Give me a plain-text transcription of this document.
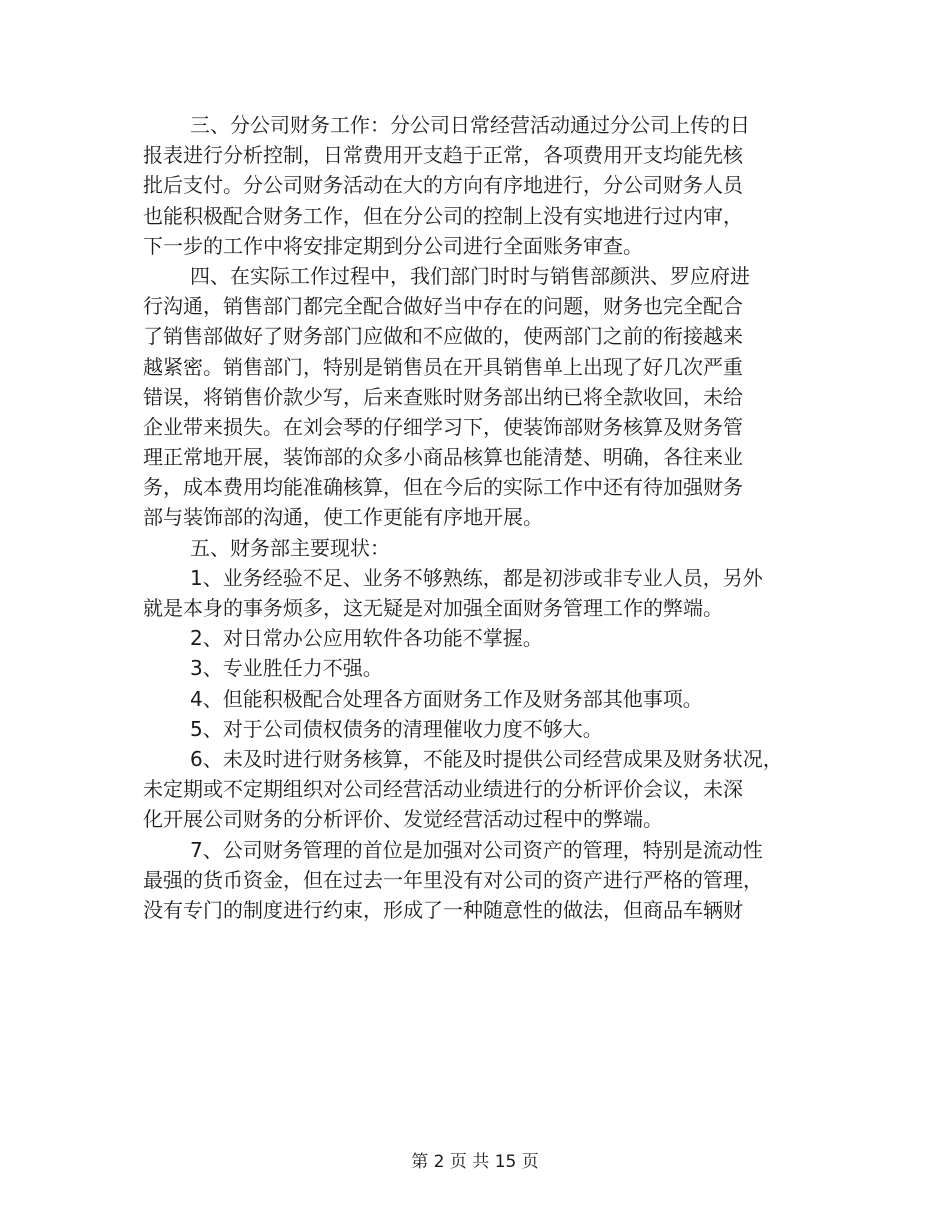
三、分公司财务工作：分公司日常经营活动通过分公司上传的日
报表进行分析控制，日常费用开支趋于正常，各项费用开支均能先核
批后支付。分公司财务活动在大的方向有序地进行，分公司财务人员
也能积极配合财务工作，但在分公司的控制上没有实地进行过内审，
下一步的工作中将安排定期到分公司进行全面账务审查。
四、在实际工作过程中，我们部门时时与销售部颜洪、罗应府进
行沟通，销售部门都完全配合做好当中存在的问题，财务也完全配合
了销售部做好了财务部门应做和不应做的，使两部门之前的衔接越来
越紧密。销售部门，特别是销售员在开具销售单上出现了好几次严重
错误，将销售价款少写，后来查账时财务部出纳已将全款收回，未给
企业带来损失。在刘会琴的仔细学习下，使装饰部财务核算及财务管
理正常地开展，装饰部的众多小商品核算也能清楚、明确，各往来业
务，成本费用均能准确核算，但在今后的实际工作中还有待加强财务
部与装饰部的沟通，使工作更能有序地开展。
五、财务部主要现状：
1、业务经验不足、业务不够熟练，都是初涉或非专业人员，另外
就是本身的事务烦多，这无疑是对加强全面财务管理工作的弊端。
2、对日常办公应用软件各功能不掌握。
3、专业胜任力不强。
4、但能积极配合处理各方面财务工作及财务部其他事项。
5、对于公司债权债务的清理催收力度不够大。
6、未及时进行财务核算，不能及时提供公司经营成果及财务状况，
未定期或不定期组织对公司经营活动业绩进行的分析评价会议，未深
化开展公司财务的分析评价、发觉经营活动过程中的弊端。
7、公司财务管理的首位是加强对公司资产的管理，特别是流动性
最强的货币资金，但在过去一年里没有对公司的资产进行严格的管理，
没有专门的制度进行约束，形成了一种随意性的做法，但商品车辆财
第 2 页 共 15 页
